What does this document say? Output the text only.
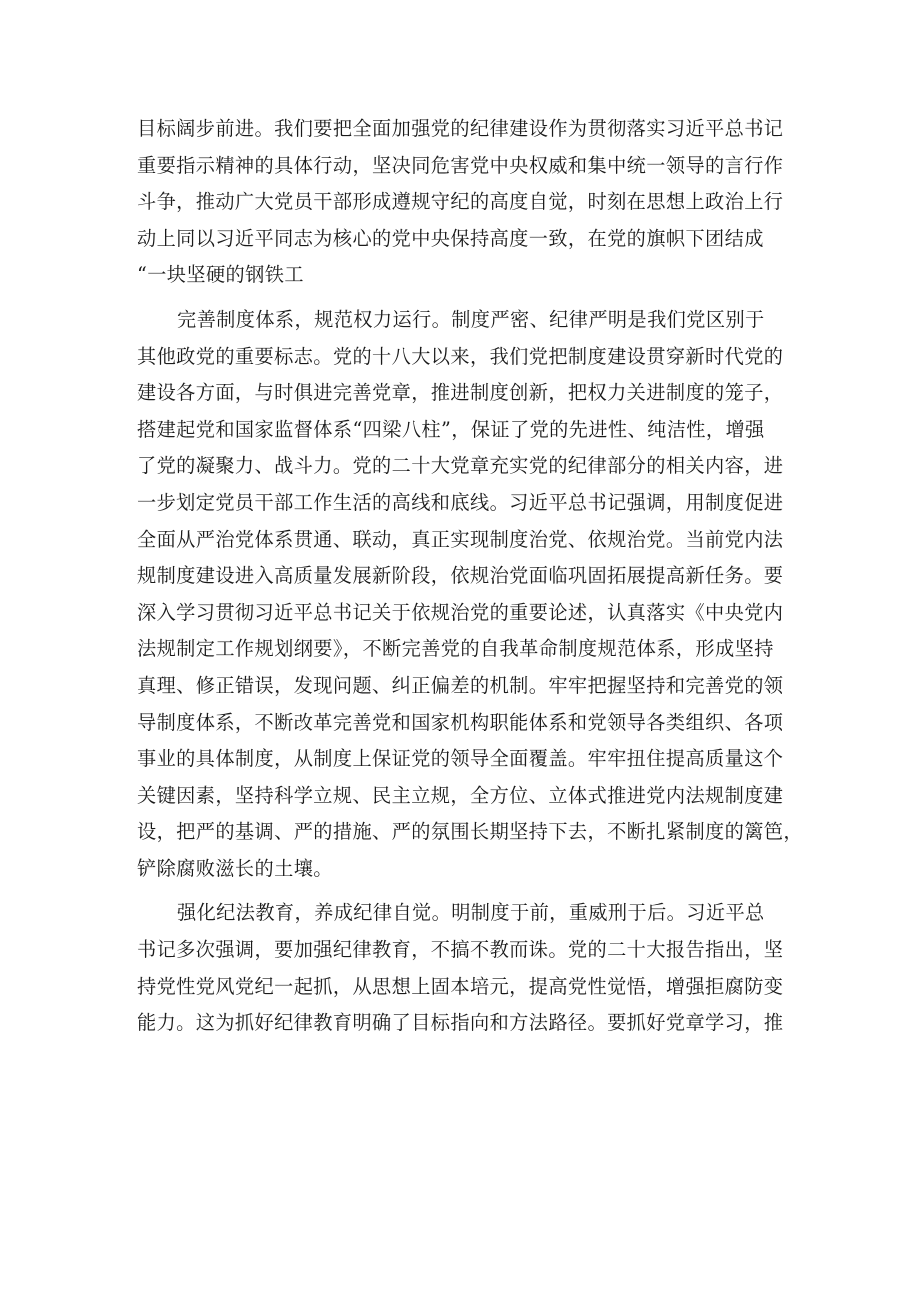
目标阔步前进。我们要把全面加强党的纪律建设作为贯彻落实习近平总书记
重要指示精神的具体行动，坚决同危害党中央权威和集中统一领导的言行作
斗争，推动广大党员干部形成遵规守纪的高度自觉，时刻在思想上政治上行
动上同以习近平同志为核心的党中央保持高度一致，在党的旗帜下团结成
“一块坚硬的钢铁工
完善制度体系，规范权力运行。制度严密、纪律严明是我们党区别于
其他政党的重要标志。党的十八大以来，我们党把制度建设贯穿新时代党的
建设各方面，与时俱进完善党章，推进制度创新，把权力关进制度的笼子，
搭建起党和国家监督体系“四梁八柱”，保证了党的先进性、纯洁性，增强
了党的凝聚力、战斗力。党的二十大党章充实党的纪律部分的相关内容，进
一步划定党员干部工作生活的高线和底线。习近平总书记强调，用制度促进
全面从严治党体系贯通、联动，真正实现制度治党、依规治党。当前党内法
规制度建设进入高质量发展新阶段，依规治党面临巩固拓展提高新任务。要
深入学习贯彻习近平总书记关于依规治党的重要论述，认真落实《中央党内
法规制定工作规划纲要》，不断完善党的自我革命制度规范体系，形成坚持
真理、修正错误，发现问题、纠正偏差的机制。牢牢把握坚持和完善党的领
导制度体系，不断改革完善党和国家机构职能体系和党领导各类组织、各项
事业的具体制度，从制度上保证党的领导全面覆盖。牢牢扭住提高质量这个
关键因素，坚持科学立规、民主立规，全方位、立体式推进党内法规制度建
设，把严的基调、严的措施、严的氛围长期坚持下去，不断扎紧制度的篱笆，
铲除腐败滋长的土壤。
强化纪法教育，养成纪律自觉。明制度于前，重威刑于后。习近平总
书记多次强调，要加强纪律教育，不搞不教而诛。党的二十大报告指出，坚
持党性党风党纪一起抓，从思想上固本培元，提高党性觉悟，增强拒腐防变
能力。这为抓好纪律教育明确了目标指向和方法路径。要抓好党章学习，推
